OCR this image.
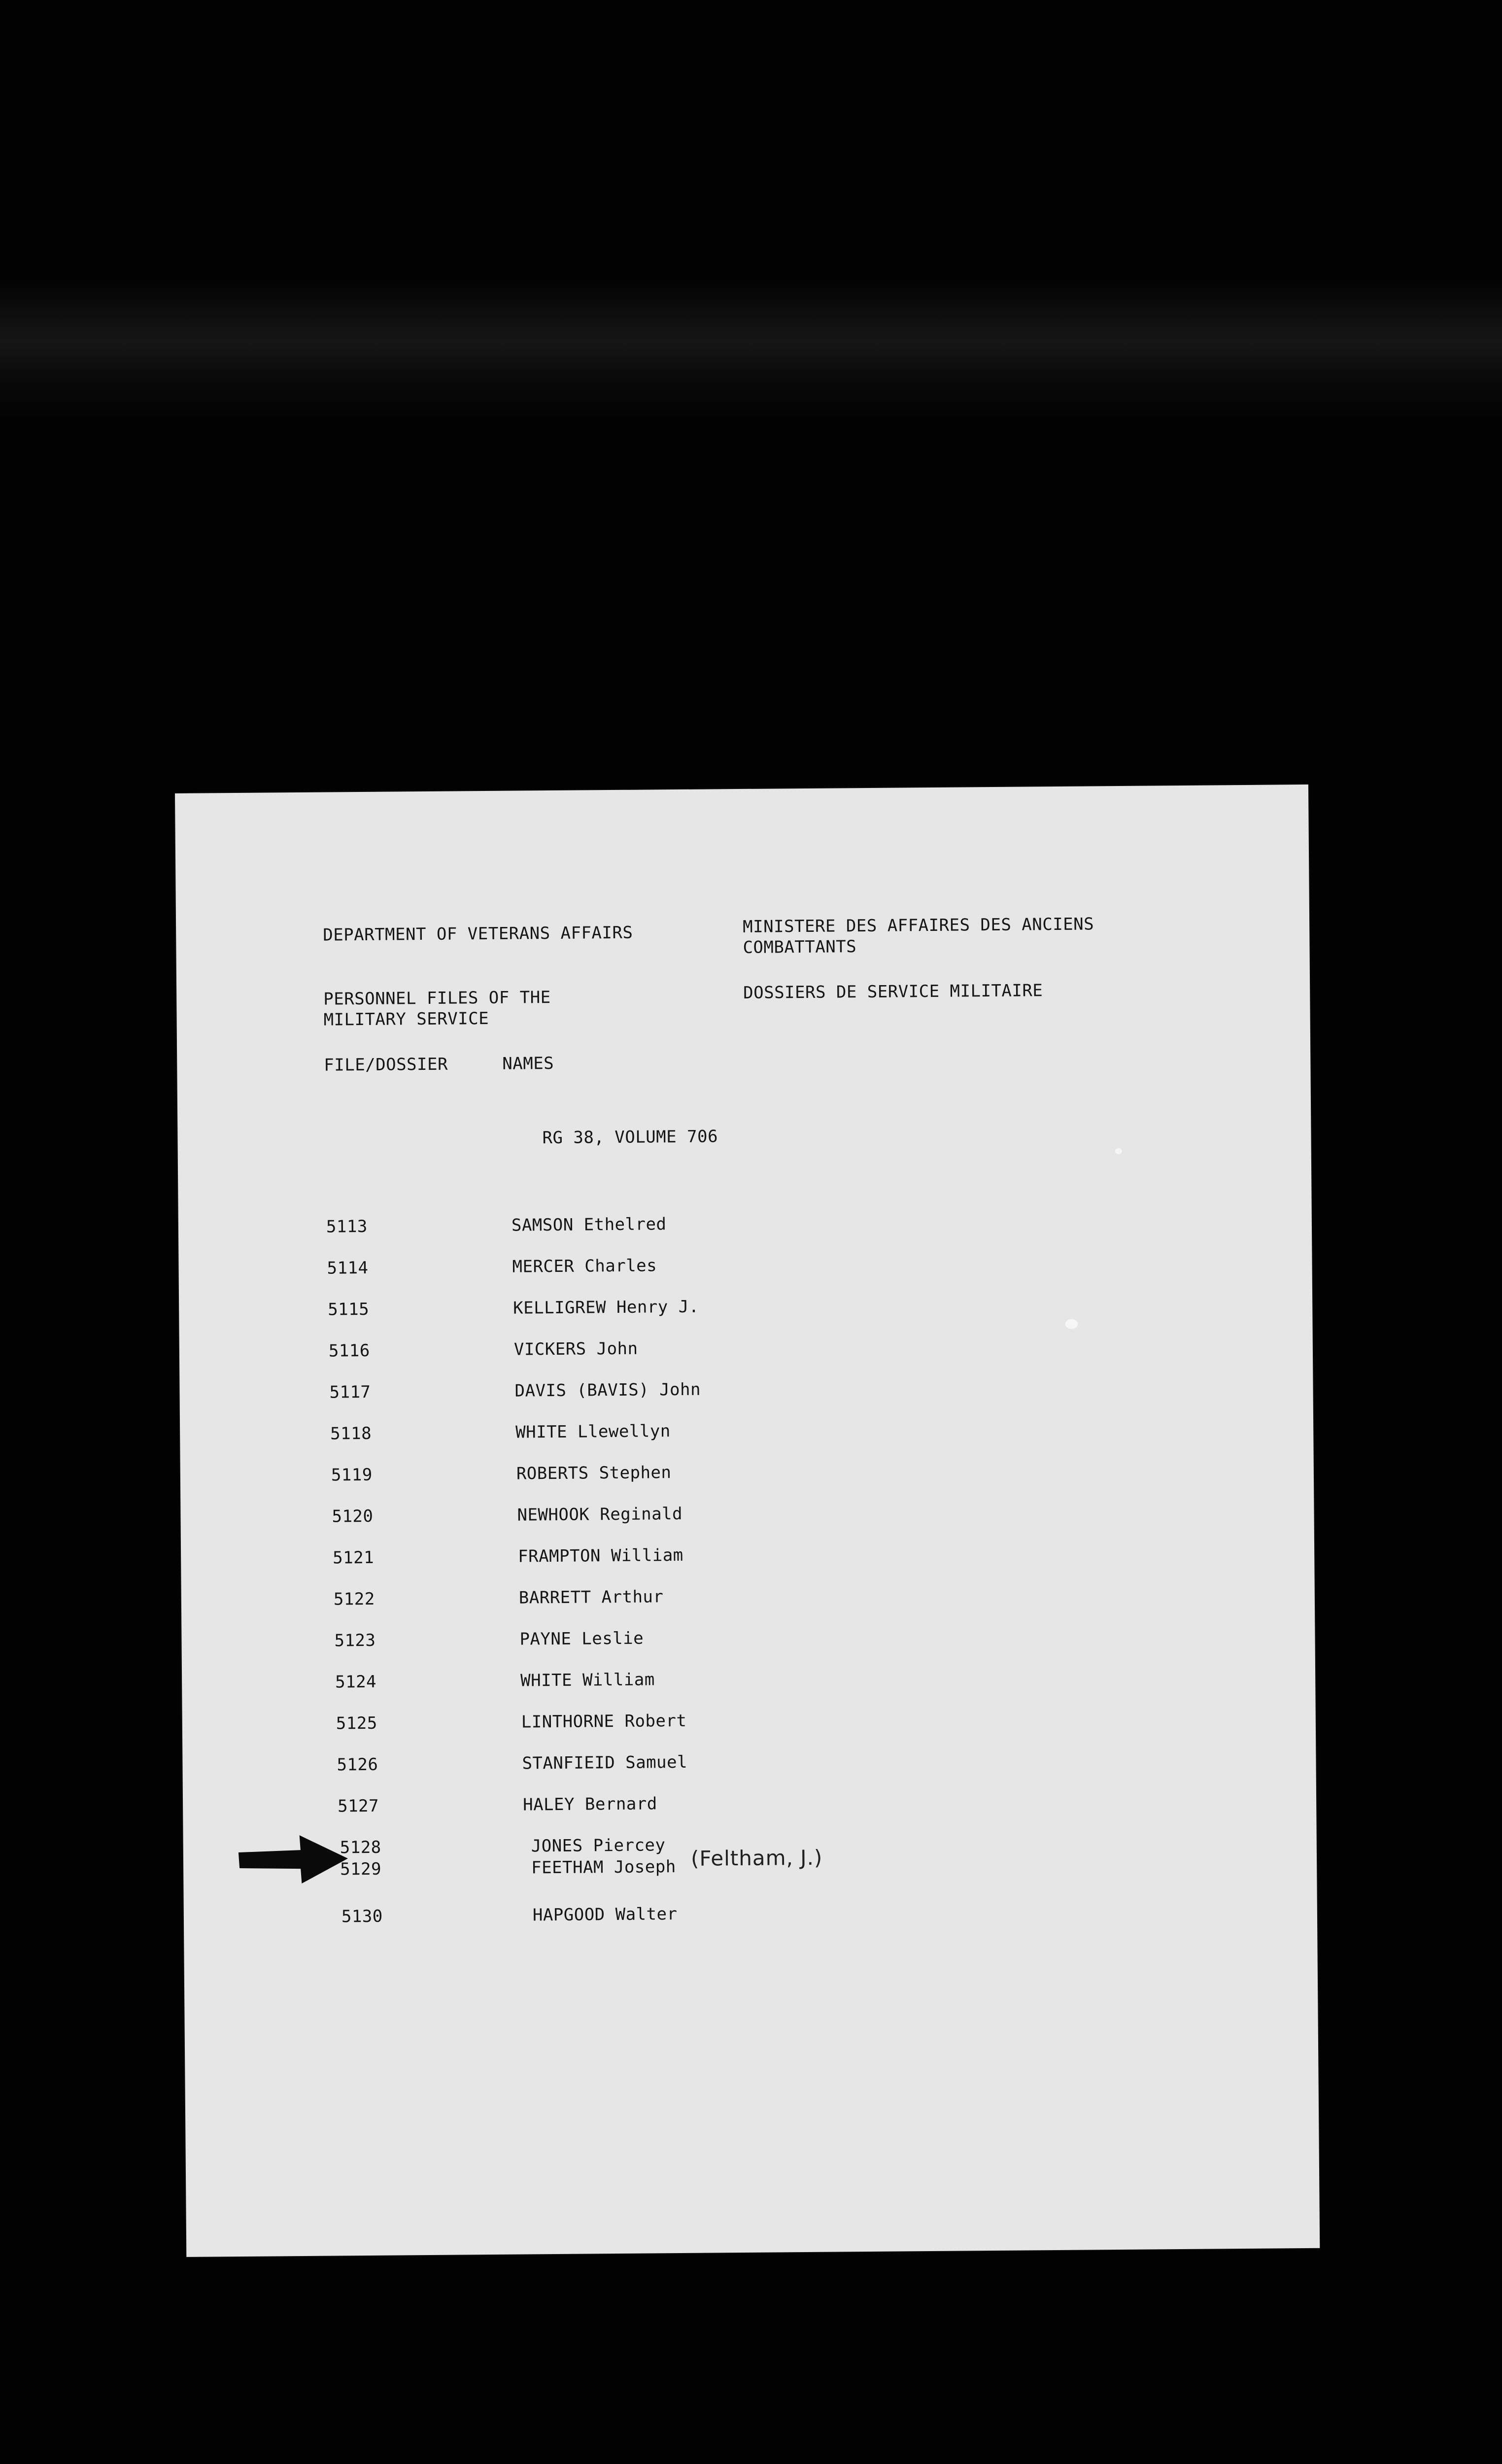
DEPARTMENT OF VETERANS AFFAIRS	MINISTERE DES AFFAIRES DES ANCIENS
COMBATTANTS
PERSONNEL FILES OF THE
MILITARY SERVICE
DOSSIERS DE SERVICE MILITAIRE
FILE/DOSSIER	NAMES
RG 38, VOLUME 706
5113	SAMSON Ethelred
5114	MERCER Charles
5115	KELLIGREW Henry J.
5116	VICKERS John
5117	DAVIS (BAVIS) John
5118	WHITE Llewellyn
5119	ROBERTS Stephen
5120	NEWHOOK Reginald
5121	FRAMPTON William
5122	BARRETT Arthur
5123	PAYNE Leslie
5124	WHITE William
5125	LINTHORNE Robert
5126	STANFIEID Samuel
5127	HALEY Bernard
5128	JONES Piercey
5129	FEETHAM Joseph (Feltham, J.)
5130	HAPGOOD Walter
